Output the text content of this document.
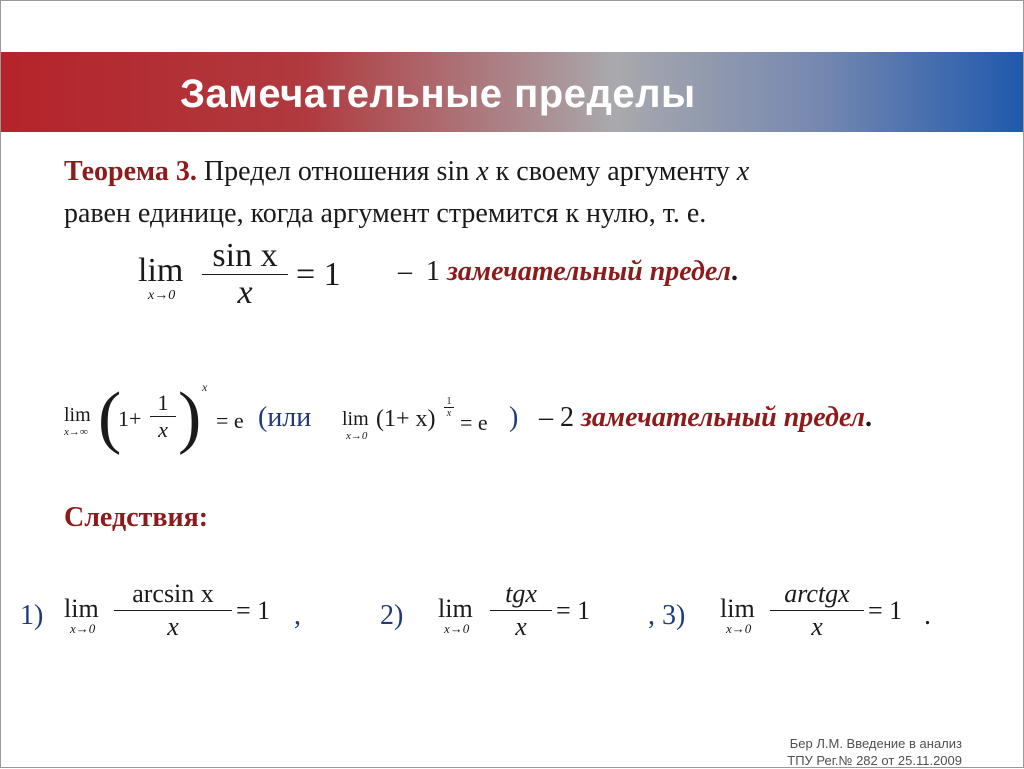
Замечательные пределы
Теорема 3. Предел отношения sin x к своему аргументу x
равен единице, когда аргумент стремится к нулю, т. е.
lim
x→0
sin x
x	= 1 – 1 замечательный предел.
lim
x→∞ (
1+
1
x ) x
= e (или lim
x→0
(1+ x)
1
x = e ) – 2 замечательный предел.
Следствия:
1) lim
x→0
arcsin x
x
= 1 ,	2) lim
x→0
tgx
x
= 1 , 3) lim
x→0
arctgx
x
= 1 .
Бер Л.М. Введение в анализ
ТПУ Рег.№ 282 от 25.11.2009
